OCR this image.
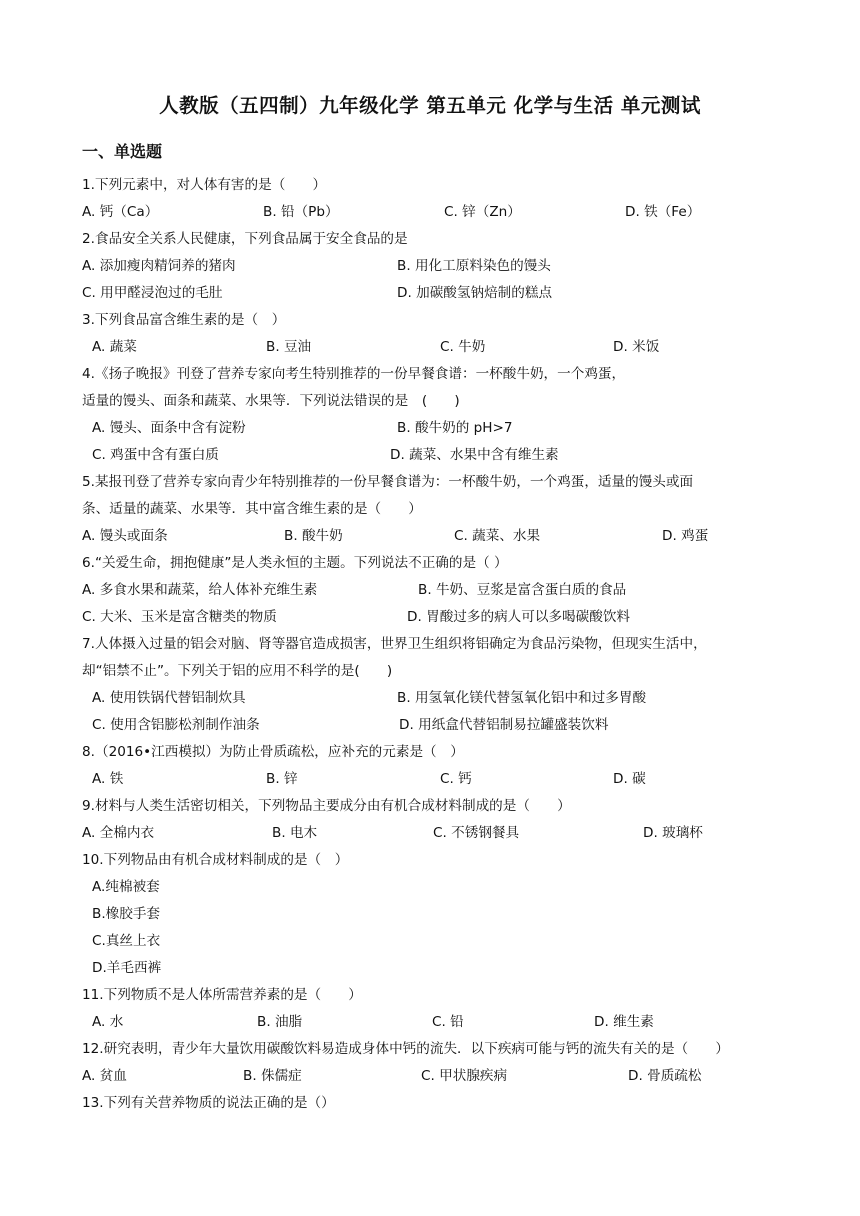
人教版（五四制）九年级化学 第五单元 化学与生活 单元测试
一、单选题
1.下列元素中，对人体有害的是（　　）
A. 钙（Ca）	B. 铅（Pb）	C. 锌（Zn）	D. 铁（Fe）
2.食品安全关系人民健康，下列食品属于安全食品的是
A. 添加瘦肉精饲养的猪肉	B. 用化工原料染色的馒头
C. 用甲醛浸泡过的毛肚	D. 加碳酸氢钠焙制的糕点
3.下列食品富含维生素的是（　）
A. 蔬菜	B. 豆油	C. 牛奶	D. 米饭
4.《扬子晚报》刊登了营养专家向考生特别推荐的一份早餐食谱：一杯酸牛奶，一个鸡蛋，
适量的馒头、面条和蔬菜、水果等．下列说法错误的是　(　　)
A. 馒头、面条中含有淀粉	B. 酸牛奶的 pH>7
C. 鸡蛋中含有蛋白质	D. 蔬菜、水果中含有维生素
5.某报刊登了营养专家向青少年特别推荐的一份早餐食谱为：一杯酸牛奶，一个鸡蛋，适量的馒头或面
条、适量的蔬菜、水果等．其中富含维生素的是（　　）
A. 馒头或面条	B. 酸牛奶	C. 蔬菜、水果	D. 鸡蛋
6.“关爱生命，拥抱健康”是人类永恒的主题。下列说法不正确的是（ ）
A. 多食水果和蔬菜，给人体补充维生素	B. 牛奶、豆浆是富含蛋白质的食品
C. 大米、玉米是富含糖类的物质	D. 胃酸过多的病人可以多喝碳酸饮料
7.人体摄入过量的铝会对脑、肾等器官造成损害，世界卫生组织将铝确定为食品污染物，但现实生活中，
却“铝禁不止”。下列关于铝的应用不科学的是(　　)
A. 使用铁锅代替铝制炊具	B. 用氢氧化镁代替氢氧化铝中和过多胃酸
C. 使用含铝膨松剂制作油条	D. 用纸盒代替铝制易拉罐盛装饮料
8.（2016•江西模拟）为防止骨质疏松，应补充的元素是（　）
A. 铁	B. 锌	C. 钙	D. 碳
9.材料与人类生活密切相关，下列物品主要成分由有机合成材料制成的是（　　）
A. 全棉内衣	B. 电木	C. 不锈钢餐具	D. 玻璃杯
10.下列物品由有机合成材料制成的是（　）
A.纯棉被套
B.橡胶手套
C.真丝上衣
D.羊毛西裤
11.下列物质不是人体所需营养素的是（　　）
A. 水	B. 油脂	C. 铅	D. 维生素
12.研究表明，青少年大量饮用碳酸饮料易造成身体中钙的流失．以下疾病可能与钙的流失有关的是（　　）
A. 贫血	B. 侏儒症	C. 甲状腺疾病	D. 骨质疏松
13.下列有关营养物质的说法正确的是（）
